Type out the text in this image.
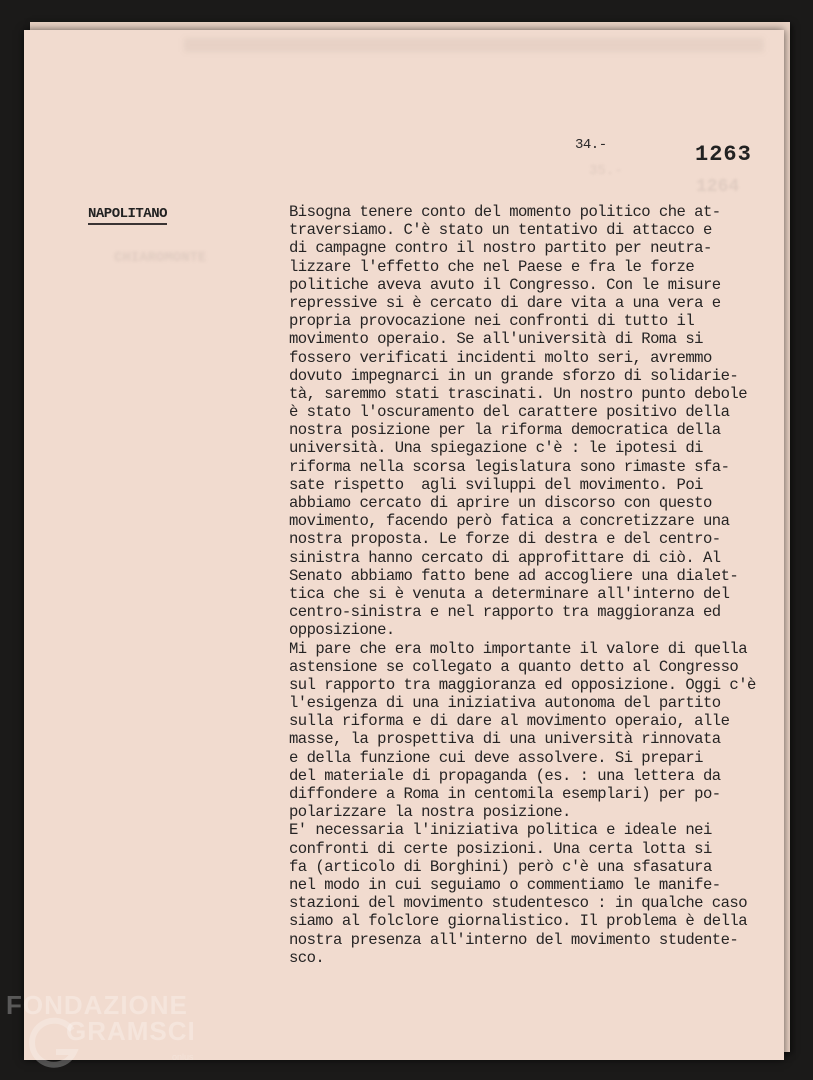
CHIAROMONTE
35.-
1264
34.-	1263
NAPOLITANO	Bisogna tenere conto del momento politico che at-
traversiamo. C'è stato un tentativo di attacco e
di campagne contro il nostro partito per neutra-
lizzare l'effetto che nel Paese e fra le forze
politiche aveva avuto il Congresso. Con le misure
repressive si è cercato di dare vita a una vera e
propria provocazione nei confronti di tutto il
movimento operaio. Se all'università di Roma si
fossero verificati incidenti molto seri, avremmo
dovuto impegnarci in un grande sforzo di solidarie-
tà, saremmo stati trascinati. Un nostro punto debole
è stato l'oscuramento del carattere positivo della
nostra posizione per la riforma democratica della
università. Una spiegazione c'è : le ipotesi di
riforma nella scorsa legislatura sono rimaste sfa-
sate rispetto  agli sviluppi del movimento. Poi
abbiamo cercato di aprire un discorso con questo
movimento, facendo però fatica a concretizzare una
nostra proposta. Le forze di destra e del centro-
sinistra hanno cercato di approfittare di ciò. Al
Senato abbiamo fatto bene ad accogliere una dialet-
tica che si è venuta a determinare all'interno del
centro-sinistra e nel rapporto tra maggioranza ed
opposizione.
Mi pare che era molto importante il valore di quella
astensione se collegato a quanto detto al Congresso
sul rapporto tra maggioranza ed opposizione. Oggi c'è
l'esigenza di una iniziativa autonoma del partito
sulla riforma e di dare al movimento operaio, alle
masse, la prospettiva di una università rinnovata
e della funzione cui deve assolvere. Si prepari
del materiale di propaganda (es. : una lettera da
diffondere a Roma in centomila esemplari) per po-
polarizzare la nostra posizione.
E' necessaria l'iniziativa politica e ideale nei
confronti di certe posizioni. Una certa lotta si
fa (articolo di Borghini) però c'è una sfasatura
nel modo in cui seguiamo o commentiamo le manife-
stazioni del movimento studentesco : in qualche caso
siamo al folclore giornalistico. Il problema è della
nostra presenza all'interno del movimento studente-
sco.
FONDAZIONE
GRAMSCI
onlus
